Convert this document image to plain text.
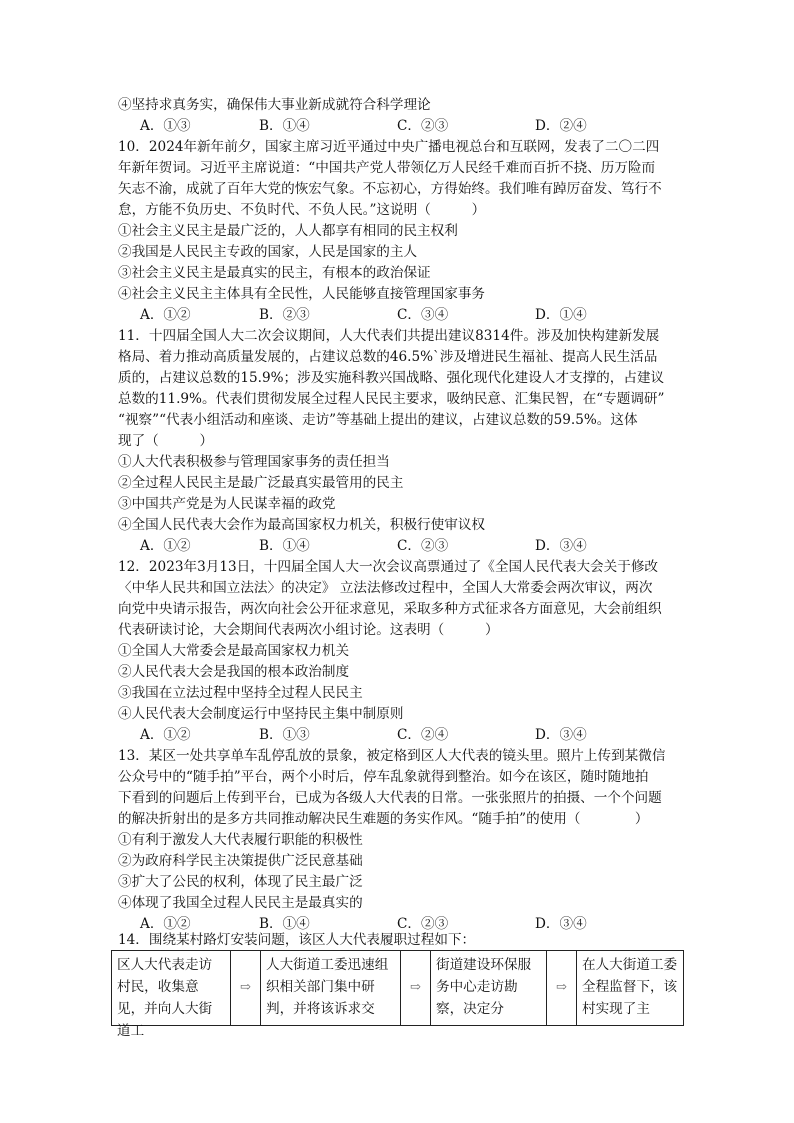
④坚持求真务实，确保伟大事业新成就符合科学理论
A．①③	B．①④	C．②③	D．②④
10．2024年新年前夕，国家主席习近平通过中央广播电视总台和互联网，发表了二〇二四
年新年贺词。习近平主席说道：“中国共产党人带领亿万人民经千难而百折不挠、历万险而
矢志不渝，成就了百年大党的恢宏气象。不忘初心，方得始终。我们唯有踔厉奋发、笃行不
怠，方能不负历史、不负时代、不负人民。”这说明（　　　）
①社会主义民主是最广泛的，人人都享有相同的民主权利
②我国是人民民主专政的国家，人民是国家的主人
③社会主义民主是最真实的民主，有根本的政治保证
④社会主义民主主体具有全民性，人民能够直接管理国家事务
A．①②	B．②③	C．③④	D．①④
11．十四届全国人大二次会议期间，人大代表们共提出建议8314件。涉及加快构建新发展
格局、着力推动高质量发展的，占建议总数的46.5%`涉及增进民生福祉、提高人民生活品
质的，占建议总数的15.9%；涉及实施科教兴国战略、强化现代化建设人才支撑的，占建议
总数的11.9%。代表们贯彻发展全过程人民民主要求，吸纳民意、汇集民智，在“专题调研”
“视察”“代表小组活动和座谈、走访”等基础上提出的建议，占建议总数的59.5%。这体
现了（　　　）
①人大代表积极参与管理国家事务的责任担当
②全过程人民民主是最广泛最真实最管用的民主
③中国共产党是为人民谋幸福的政党
④全国人民代表大会作为最高国家权力机关，积极行使审议权
A．①②	B．①④	C．②③	D．③④
12．2023年3月13日，十四届全国人大一次会议高票通过了《全国人民代表大会关于修改
〈中华人民共和国立法法〉的决定》 立法法修改过程中，全国人大常委会两次审议，两次
向党中央请示报告，两次向社会公开征求意见，采取多种方式征求各方面意见，大会前组织
代表研读讨论，大会期间代表两次小组讨论。这表明（　　　）
①全国人大常委会是最高国家权力机关
②人民代表大会是我国的根本政治制度
③我国在立法过程中坚持全过程人民民主
④人民代表大会制度运行中坚持民主集中制原则
A．①②	B．①③	C．②④	D．③④
13．某区一处共享单车乱停乱放的景象，被定格到区人大代表的镜头里。照片上传到某微信
公众号中的“随手拍”平台，两个小时后，停车乱象就得到整治。如今在该区，随时随地拍
下看到的问题后上传到平台，已成为各级人大代表的日常。一张张照片的拍摄、一个个问题
的解决折射出的是多方共同推动解决民生难题的务实作风。“随手拍”的使用（　　　　）
①有利于激发人大代表履行职能的积极性
②为政府科学民主决策提供广泛民意基础
③扩大了公民的权利，体现了民主最广泛
④体现了我国全过程人民民主是最真实的
A．①②	B．①④	C．②③	D．③④
14．围绕某村路灯安装问题，该区人大代表履职过程如下：
区人大代表走访村民，收集意见，并向人大街道工
	⇨	
人大街道工委迅速组织相关部门集中研判，并将该诉求交
	⇨	
街道建设环保服务中心走访勘察，决定分
	⇨	
在人大街道工委全程监督下，该村实现了主
